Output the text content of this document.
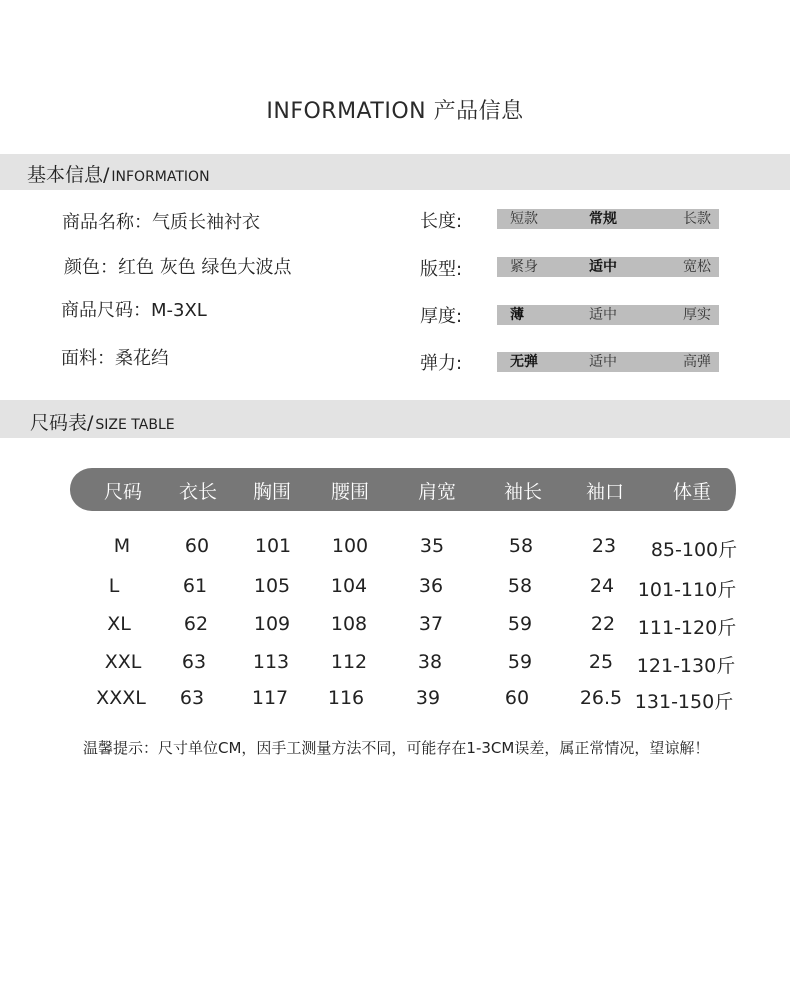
INFORMATION 产品信息
基本信息/ INFORMATION
商品名称：气质长袖衬衣
颜色：红色 灰色 绿色大波点
商品尺码：M-3XL
面料：桑花绉
长度:	短款	常规	长款
版型:	紧身	适中	宽松
厚度:	薄	适中	厚实
弹力:	无弹	适中	高弹
尺码表/ SIZE TABLE
尺码 衣长 胸围 腰围	肩宽	袖长 袖口	体重
M	60 101 100	35	58	23 85-100斤
L	61 105 104	36	58	24 101-110斤
XL	62 109 108	37	59	22 111-120斤
XXL 63 113 112	38	59	25 121-130斤
XXXL 63	117 116	39	60	26.5 131-150斤
温馨提示：尺寸单位CM，因手工测量方法不同，可能存在1-3CM误差，属正常情况，望谅解！
